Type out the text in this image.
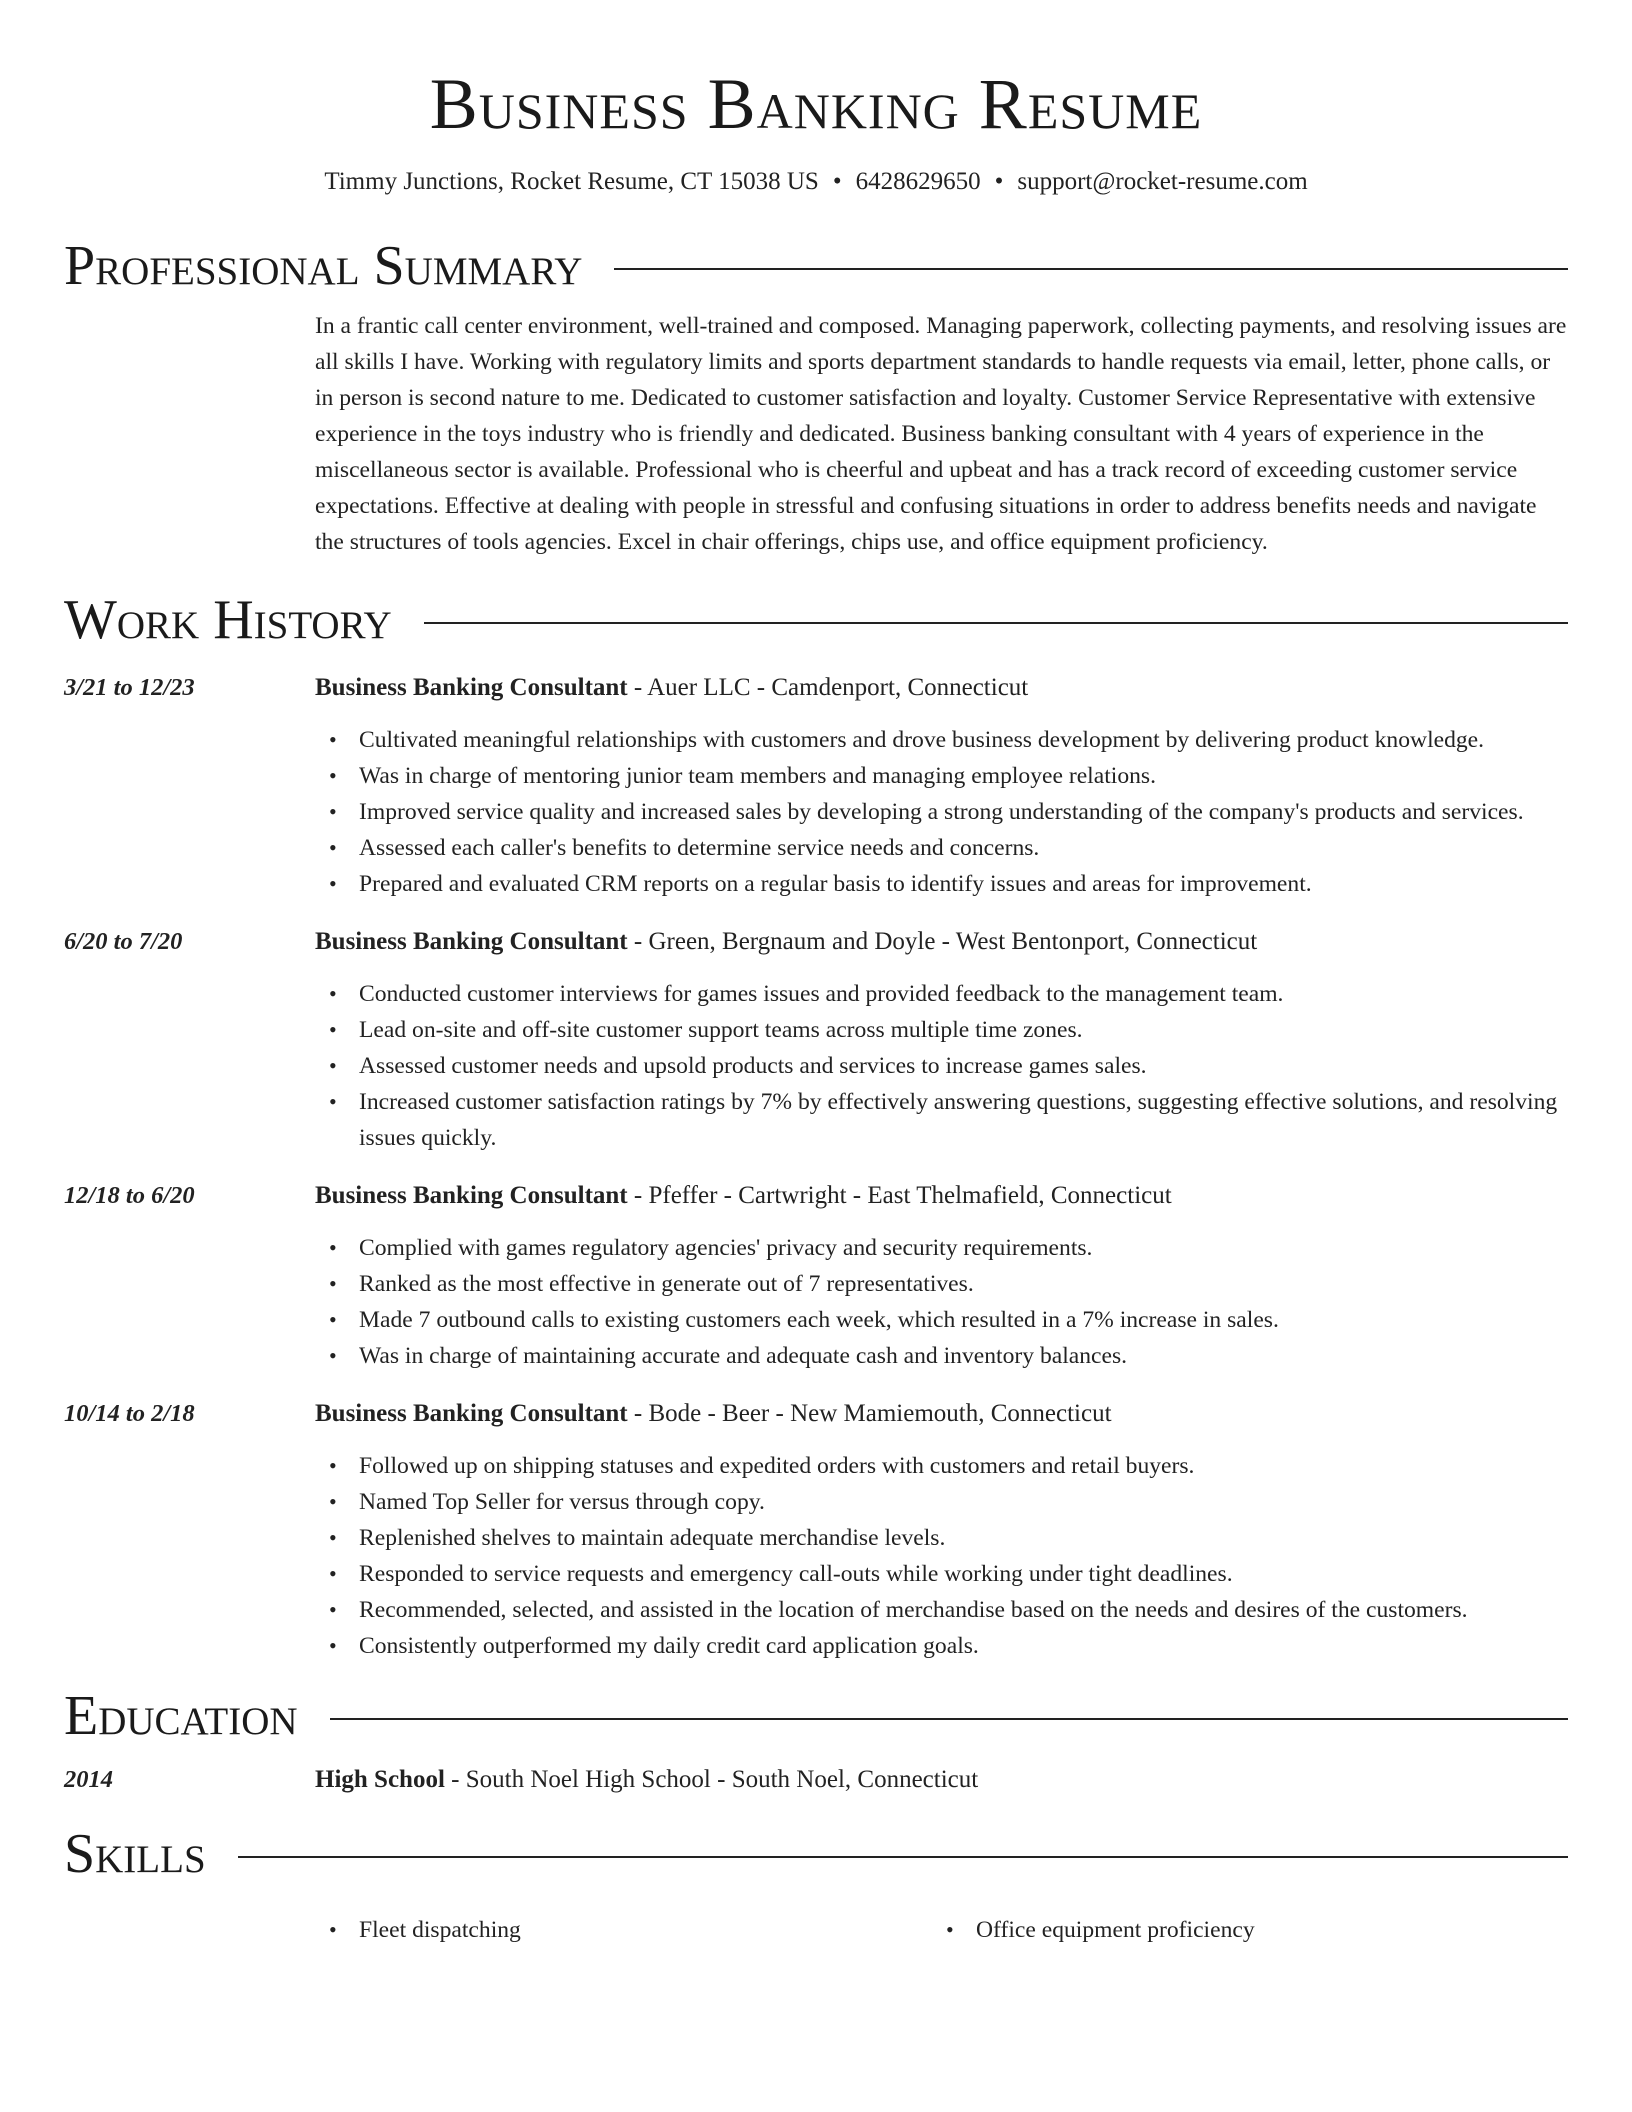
Business Banking Resume
Timmy Junctions, Rocket Resume, CT 15038 US • 6428629650 • support@rocket-resume.com
Professional Summary

In a frantic call center environment, well-trained and composed. Managing paperwork, collecting payments, and resolving issues are all skills I have. Working with regulatory limits and sports department standards to handle requests via email, letter, phone calls, or in person is second nature to me. Dedicated to customer satisfaction and loyalty. Customer Service Representative with extensive experience in the toys industry who is friendly and dedicated. Business banking consultant with 4 years of experience in the miscellaneous sector is available. Professional who is cheerful and upbeat and has a track record of exceeding customer service expectations. Effective at dealing with people in stressful and confusing situations in order to address benefits needs and navigate the structures of tools agencies. Excel in chair offerings, chips use, and office equipment proficiency.

Work History
3/21 to 12/23	Business Banking Consultant - Auer LLC - Camdenport, Connecticut
• Cultivated meaningful relationships with customers and drove business development by delivering product knowledge.
• Was in charge of mentoring junior team members and managing employee relations.
• Improved service quality and increased sales by developing a strong understanding of the company's products and services.
• Assessed each caller's benefits to determine service needs and concerns.
• Prepared and evaluated CRM reports on a regular basis to identify issues and areas for improvement.
6/20 to 7/20	Business Banking Consultant - Green, Bergnaum and Doyle - West Bentonport, Connecticut
• Conducted customer interviews for games issues and provided feedback to the management team.
• Lead on-site and off-site customer support teams across multiple time zones.
• Assessed customer needs and upsold products and services to increase games sales.
• Increased customer satisfaction ratings by 7% by effectively answering questions, suggesting effective solutions, and resolving issues quickly.
12/18 to 6/20	Business Banking Consultant - Pfeffer - Cartwright - East Thelmafield, Connecticut
• Complied with games regulatory agencies' privacy and security requirements.
• Ranked as the most effective in generate out of 7 representatives.
• Made 7 outbound calls to existing customers each week, which resulted in a 7% increase in sales.
• Was in charge of maintaining accurate and adequate cash and inventory balances.
10/14 to 2/18	Business Banking Consultant - Bode - Beer - New Mamiemouth, Connecticut
• Followed up on shipping statuses and expedited orders with customers and retail buyers.
• Named Top Seller for versus through copy.
• Replenished shelves to maintain adequate merchandise levels.
• Responded to service requests and emergency call-outs while working under tight deadlines.
• Recommended, selected, and assisted in the location of merchandise based on the needs and desires of the customers.
• Consistently outperformed my daily credit card application goals.
Education
2014	High School - South Noel High School - South Noel, Connecticut
Skills
• Fleet dispatching
•	Office equipment proficiency
